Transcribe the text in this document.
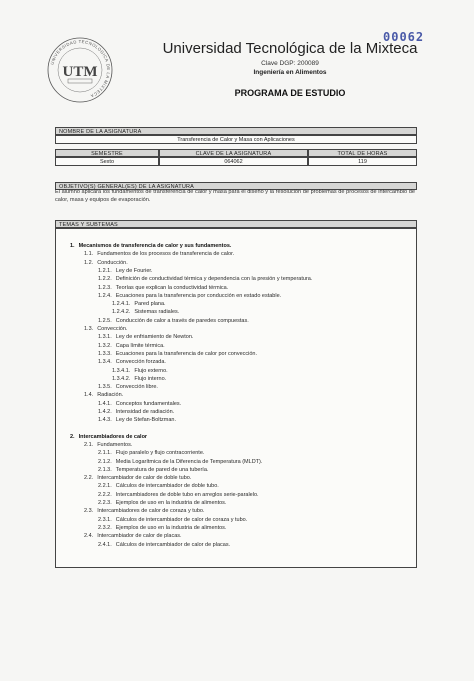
00062
UNIVERSIDAD TECNOLOGICA DE LA MIXTECA
UTM
Universidad Tecnológica de la Mixteca
Clave DGP: 200089
Ingeniería en Alimentos
PROGRAMA DE ESTUDIO
NOMBRE DE LA ASIGNATURA
Transferencia de Calor y Masa con Aplicaciones
SEMESTRE	CLAVE DE LA ASIGNATURA	TOTAL DE HORAS
Sexto	064062	119
OBJETIVO(S) GENERAL(ES) DE LA ASIGNATURA
El alumno aplicará los fundamentos de transferencia de calor y masa para el diseño y la resolución de problemas de procesos de intercambio de calor, masa y equipos de evaporación.
TEMAS Y SUBTEMAS
1. Mecanismos de transferencia de calor y sus fundamentos.
1.1. Fundamentos de los procesos de transferencia de calor.
1.2. Conducción.
1.2.1. Ley de Fourier.
1.2.2. Definición de conductividad térmica y dependencia con la presión y temperatura.
1.2.3. Teorías que explican la conductividad térmica.
1.2.4. Ecuaciones para la transferencia por conducción en estado estable.
1.2.4.1. Pared plana.
1.2.4.2. Sistemas radiales.
1.2.5. Conducción de calor a través de paredes compuestas.
1.3. Convección.
1.3.1. Ley de enfriamiento de Newton.
1.3.2. Capa límite térmica.
1.3.3. Ecuaciones para la transferencia de calor por convección.
1.3.4. Convección forzada.
1.3.4.1. Flujo externo.
1.3.4.2. Flujo interno.
1.3.5. Convección libre.
1.4. Radiación.
1.4.1. Conceptos fundamentales.
1.4.2. Intensidad de radiación.
1.4.3. Ley de Stefan-Boltzman.
2. Intercambiadores de calor
2.1. Fundamentos.
2.1.1. Flujo paralelo y flujo contracorriente.
2.1.2. Media Logarítmica de la Diferencia de Temperatura (MLDT).
2.1.3. Temperatura de pared de una tubería.
2.2. Intercambiador de calor de doble tubo.
2.2.1. Cálculos de intercambiador de doble tubo.
2.2.2. Intercambiadores de doble tubo en arreglos serie-paralelo.
2.2.3. Ejemplos de uso en la industria de alimentos.
2.3. Intercambiadores de calor de coraza y tubo.
2.3.1. Cálculos de intercambiador de calor de coraza y tubo.
2.3.2. Ejemplos de uso en la industria de alimentos.
2.4. Intercambiador de calor de placas.
2.4.1. Cálculos de intercambiador de calor de placas.
